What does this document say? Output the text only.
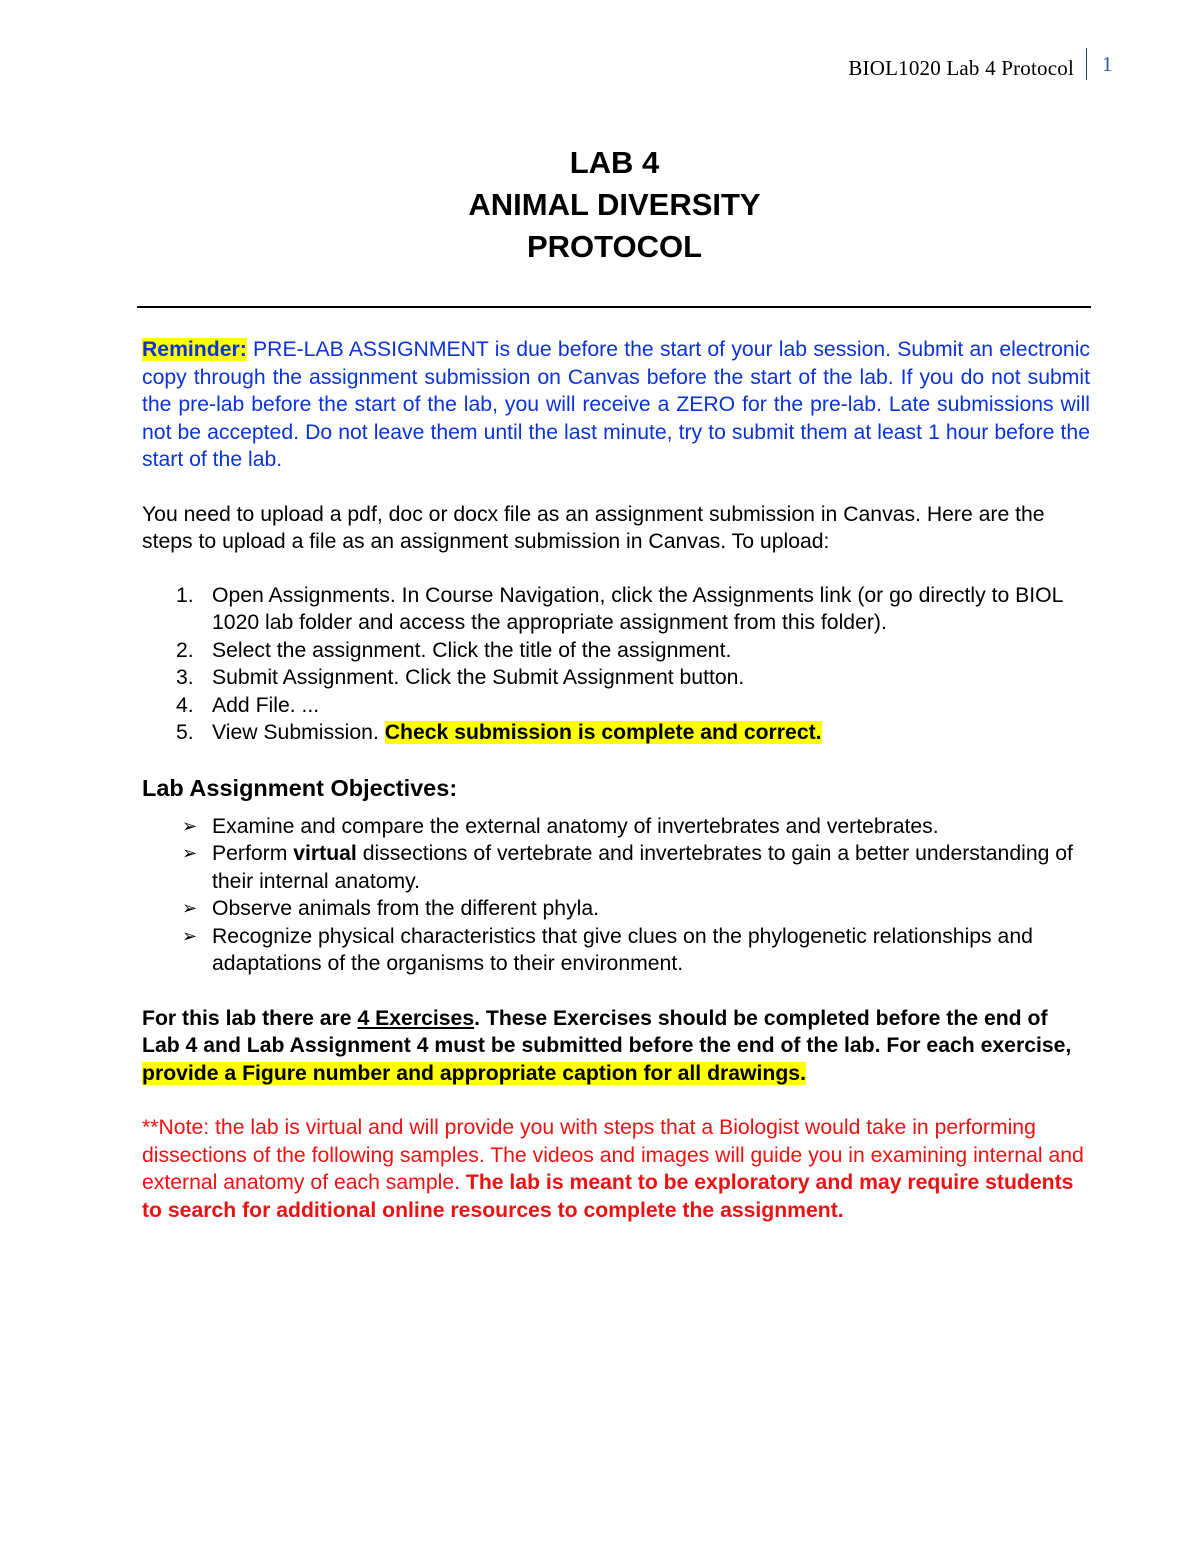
BIOL1020 Lab 4 Protocol 1
LAB 4
ANIMAL DIVERSITY
PROTOCOL
Reminder: PRE-LAB ASSIGNMENT is due before the start of your lab session. Submit an electronic copy through the assignment submission on Canvas before the start of the lab. If you do not submit the pre-lab before the start of the lab, you will receive a ZERO for the pre-lab. Late submissions will not be accepted. Do not leave them until the last minute, try to submit them at least 1 hour before the start of the lab.
You need to upload a pdf, doc or docx file as an assignment submission in Canvas. Here are the steps to upload a file as an assignment submission in Canvas. To upload:
1. Open Assignments. In Course Navigation, click the Assignments link (or go directly to BIOL 1020 lab folder and access the appropriate assignment from this folder).
2. Select the assignment. Click the title of the assignment.
3. Submit Assignment. Click the Submit Assignment button.
4. Add File. ...
5. View Submission. Check submission is complete and correct.
Lab Assignment Objectives:
➢ Examine and compare the external anatomy of invertebrates and vertebrates.
➢ Perform virtual dissections of vertebrate and invertebrates to gain a better understanding of their internal anatomy.
➢ Observe animals from the different phyla.
➢ Recognize physical characteristics that give clues on the phylogenetic relationships and adaptations of the organisms to their environment.
For this lab there are 4 Exercises. These Exercises should be completed before the end of Lab 4 and Lab Assignment 4 must be submitted before the end of the lab. For each exercise, provide a Figure number and appropriate caption for all drawings.
**Note: the lab is virtual and will provide you with steps that a Biologist would take in performing dissections of the following samples. The videos and images will guide you in examining internal and external anatomy of each sample. The lab is meant to be exploratory and may require students to search for additional online resources to complete the assignment.
